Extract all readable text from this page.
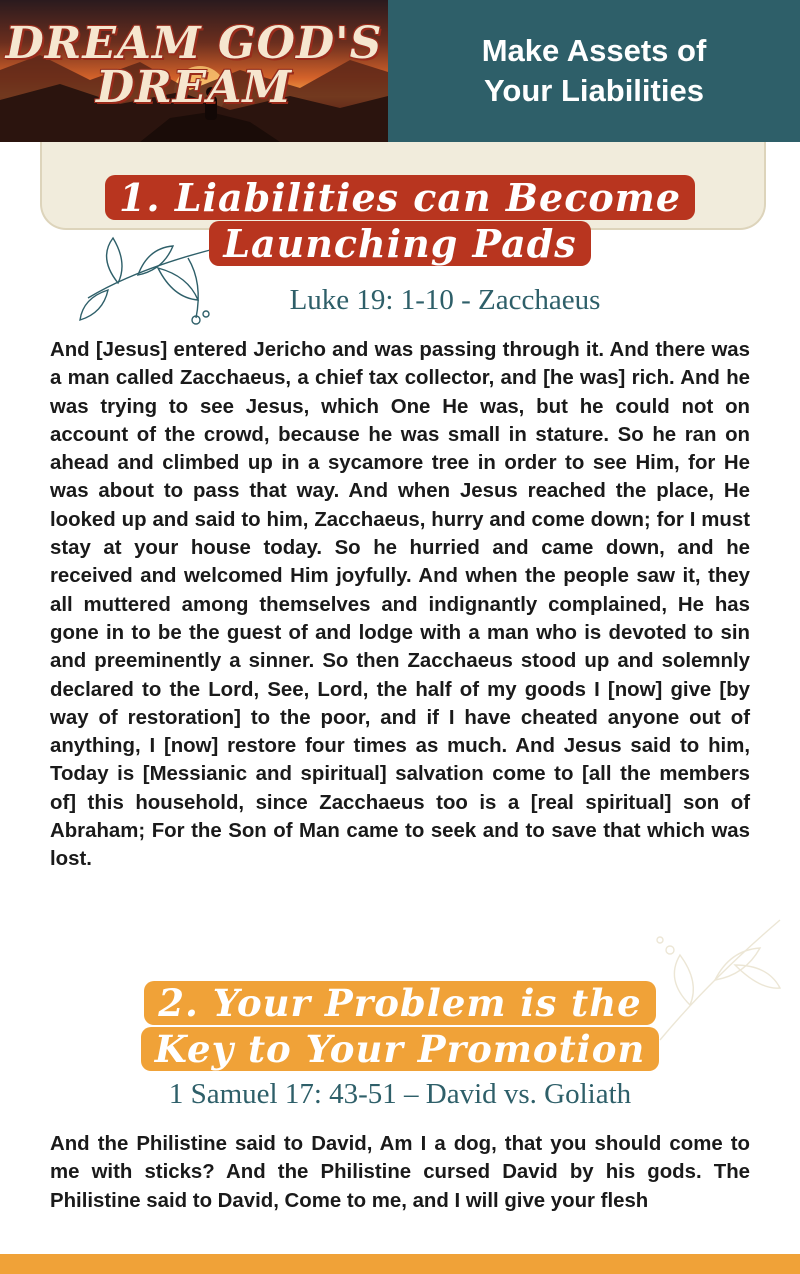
DREAM GOD'S
DREAM
Make Assets of
Your Liabilities
1. Liabilities can Become
Launching Pads
Luke 19: 1-10 - Zacchaeus
And [Jesus] entered Jericho and was passing through it. And there was a man called Zacchaeus, a chief tax collector, and [he was] rich. And he was trying to see Jesus, which One He was, but he could not on account of the crowd, because he was small in stature. So he ran on ahead and climbed up in a sycamore tree in order to see Him, for He was about to pass that way. And when Jesus reached the place, He looked up and said to him, Zacchaeus, hurry and come down; for I must stay at your house today. So he hurried and came down, and he received and welcomed Him joyfully. And when the people saw it, they all muttered among themselves and indignantly complained, He has gone in to be the guest of and lodge with a man who is devoted to sin and preeminently a sinner. So then Zacchaeus stood up and solemnly declared to the Lord, See, Lord, the half of my goods I [now] give [by way of restoration] to the poor, and if I have cheated anyone out of anything, I [now] restore four times as much. And Jesus said to him, Today is [Messianic and spiritual] salvation come to [all the members of] this household, since Zacchaeus too is a [real spiritual] son of Abraham; For the Son of Man came to seek and to save that which was lost.
2. Your Problem is the
Key to Your Promotion
1 Samuel 17: 43-51 – David vs. Goliath
And the Philistine said to David, Am I a dog, that you should come to me with sticks? And the Philistine cursed David by his gods. The Philistine said to David, Come to me, and I will give your flesh
